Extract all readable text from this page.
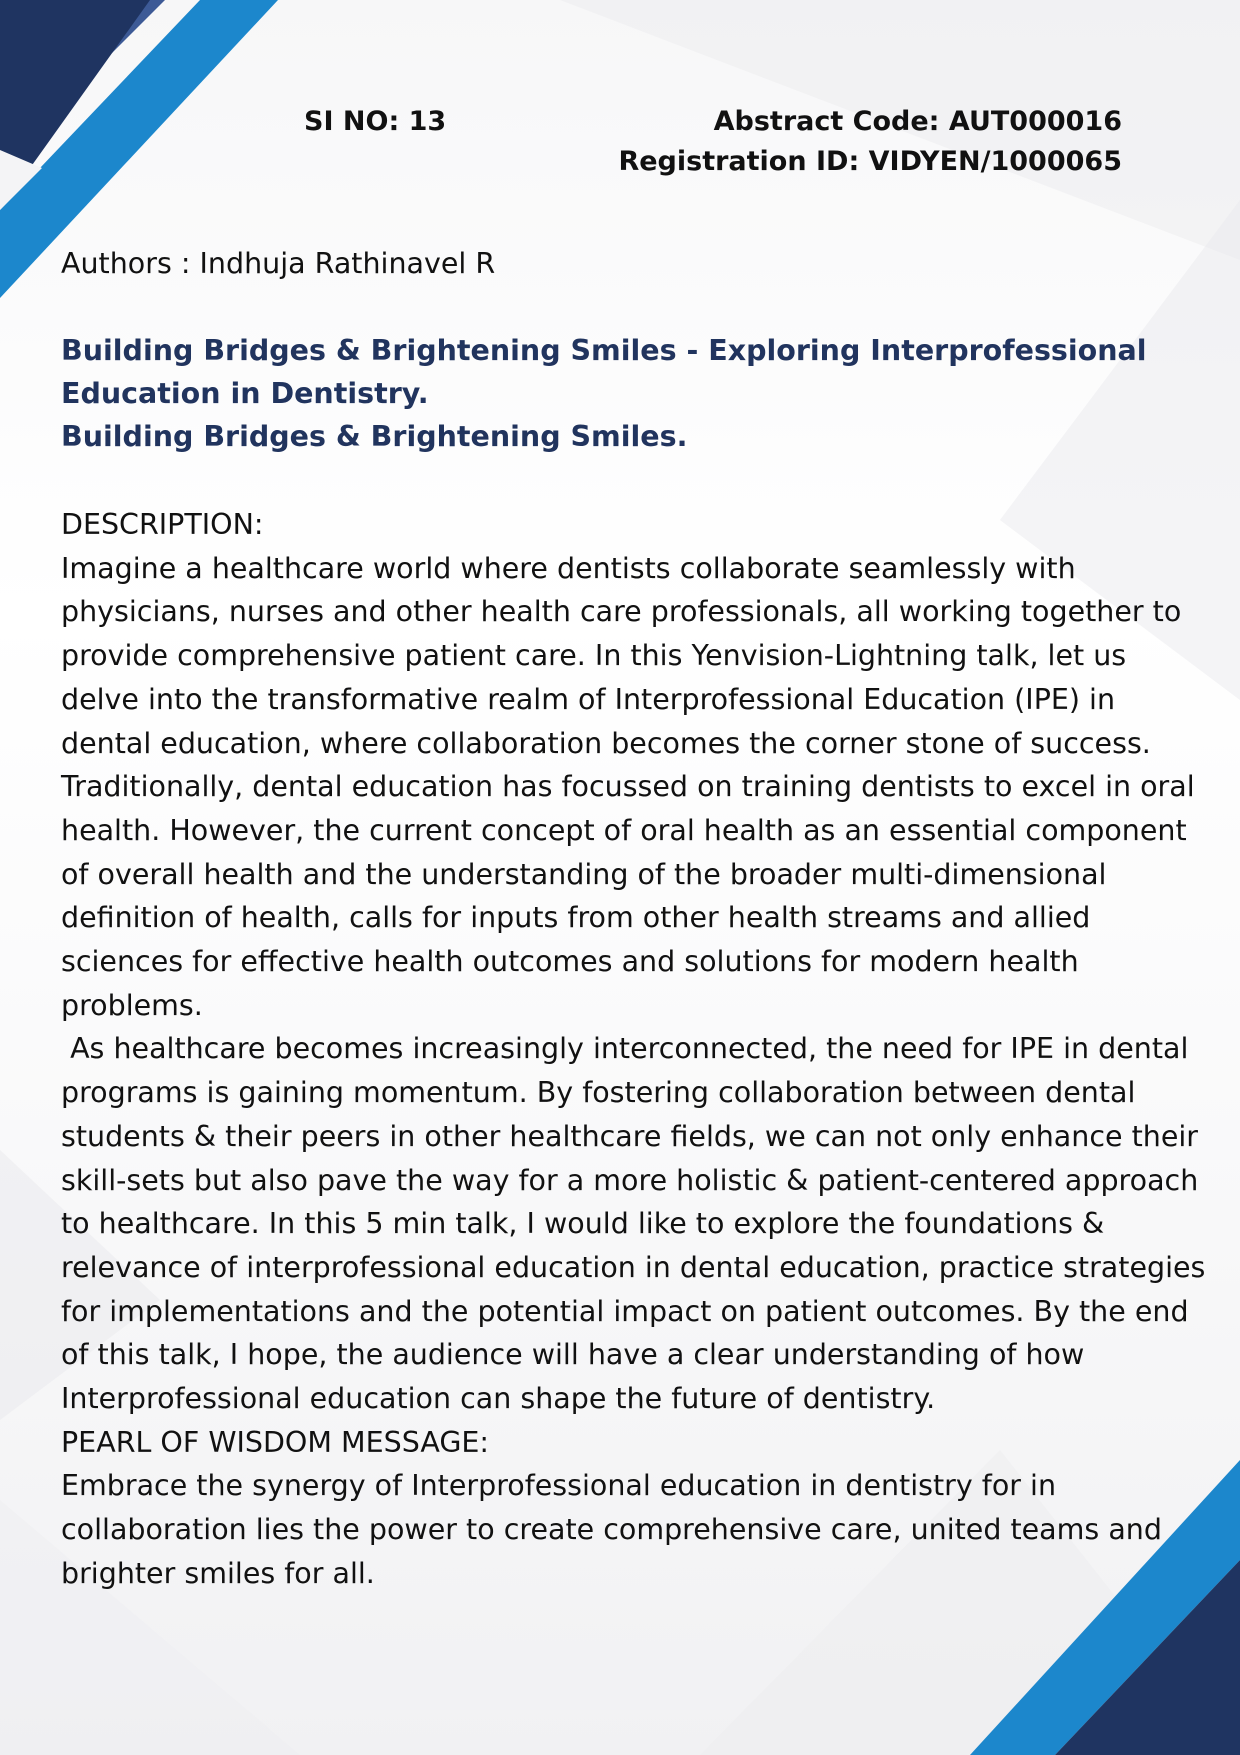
SI NO: 13	Abstract Code: AUT000016
Registration ID: VIDYEN/1000065
Authors : Indhuja Rathinavel R
Building Bridges & Brightening Smiles - Exploring Interprofessional
Education in Dentistry.
Building Bridges & Brightening Smiles.

DESCRIPTION:

Imagine a healthcare world where dentists collaborate seamlessly with physicians, nurses and other health care professionals, all working together to provide comprehensive patient care. In this Yenvision-Lightning talk, let us delve into the transformative realm of Interprofessional Education (IPE) in dental education, where collaboration becomes the corner stone of success.

Traditionally, dental education has focussed on training dentists to excel in oral health. However, the current concept of oral health as an essential component of overall health and the understanding of the broader multi-dimensional definition of health, calls for inputs from other health streams and allied sciences for effective health outcomes and solutions for modern health problems.

As healthcare becomes increasingly interconnected, the need for IPE in dental programs is gaining momentum. By fostering collaboration between dental students & their peers in other healthcare fields, we can not only enhance their skill-sets but also pave the way for a more holistic & patient-centered approach to healthcare. In this 5 min talk, I would like to explore the foundations & relevance of interprofessional education in dental education, practice strategies for implementations and the potential impact on patient outcomes. By the end of this talk, I hope, the audience will have a clear understanding of how Interprofessional education can shape the future of dentistry.

PEARL OF WISDOM MESSAGE:

Embrace the synergy of Interprofessional education in dentistry for in collaboration lies the power to create comprehensive care, united teams and brighter smiles for all.
